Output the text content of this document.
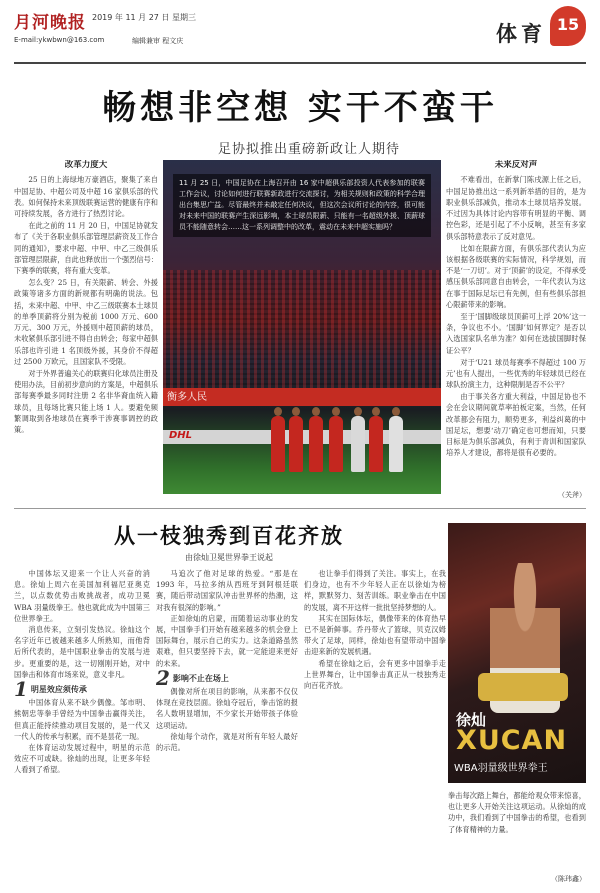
月河晚报 2019 年 11 月 27 日 星期三
E-mail:ykwbwn@163.com	编辑兼审 程文庆	体育 15
畅想非空想 实干不蛮干
足协拟推出重磅新政让人期待
改革力度大

25 日的上海绿地万豪酒店，聚集了来自中国足协、中超公司及中超 16 家俱乐部的代表。如何保持未来顶级联赛运营的健康有序和可持续发展，各方进行了热烈讨论。

在此之前的 11 月 20 日，中国足协就发布了《关于各职业俱乐部管理层薪资及工作合同的通知》，要求中超、中甲、中乙三级俱乐部管理层限薪，自此也释放出一个强烈信号：下赛季的联赛，将有重大变革。

怎么变？25 日，有关限薪、转会、外援政策等诸多方面的新规都有明确的说法。包括，未来中超、中甲、中乙三级联赛本土球员的单季顶薪将分别为税前 1000 万元、600 万元、300 万元，外援则中超顶薪的球员，未收紧俱乐部引进不得自由转会；每家中超俱乐部也许引进 1 名顶级外援，其身价不得超过 2500 万欧元，且国家队不受限。

对于外界普遍关心的联赛归化球员注册及使用办法，目前初步意向的方案是，中超俱乐部每赛季最多同时注册 2 名非华裔血统入籍球员，且每场比赛只能上场 1 人。要避免频繁调取到各地球员在赛季干涉赛事调控的政策。

衡多人民
DHL
11 月 25 日，中国足协在上海召开由 16 家中超俱乐部投资人代表参加的联赛工作会议，讨论如何进行联赛新政进行交流探讨，为相关规则和政策的科学合理出台集思广益。尽管最终并未敲定任何决议，但这次会议所讨论的内容，很可能对未来中国的联赛产生深远影响，本土球员限薪、只能有一名超级外援、顶薪球员不能随意转会……这一系列调整中的改革，震动在未来中超实施吗？
未来反对声

不难看出，在新掌门陈戌源上任之后，中国足协推出这一系列新举措的目的，是为职业俱乐部减负，推动本土球员培养发展。不过因为具体讨论内容带有明显的平衡、调控色彩，还是引起了不小反响，甚至有多家俱乐部特意表示了反对意见。

比如在限薪方面，有俱乐部代表认为应该根据各级联赛的实际情况，科学规划，而不是‘一刀切’。对于‘顶薪’的设定，不得承受感压俱乐部同意自由转会，一年代表认为这在事于国际足坛已有先例，但有些俱乐部担心限薪带来的影响。

至于‘国脚级球员顶薪可上浮 20%’这一条，争议也不小。‘国脚’如何界定？是否以入选国家队名单为准？如何在选拔国脚时保证公平？

对于‘U21 球员每赛季不得超过 100 万元’也有人提出，一些优秀的年轻球员已经在球队扮演主力，这种限制是否不公平？

由于事关各方重大利益，中国足协也不会在会议期间就草率拍板定案，当然，任何改革都会有阻力，顺势更多，利益纠葛的中国足坛，想要‘动刀’确定也可想而知，只要目标是为俱乐部减负，有利于青训和国家队培养人才建设，都将是很有必要的。

（关斧）
从一枝独秀到百花齐放
由徐灿卫冕世界拳王说起

中国体坛又迎来一个让人兴奋的消息。徐灿上周六在美国加利福尼亚奥克兰，以点数优势击败挑战者，成功卫冕 WBA 羽量级拳王。他也就此成为中国第三位世界拳王。

消息传来，立刻引发热议。徐灿这个名字近年已被越来越多人所熟知，而他背后所代表的，是中国职业拳击的发展与进步。更重要的是，这一切刚刚开始，对中国拳击和体育市场来说，意义非凡。

1 明星效应须传承

中国体育从来不缺少偶像。邹市明、熊朝忠等拳手曾经为中国拳击赢得关注，但真正能持续推动项目发展的，是一代又一代人的传承与积累，而不是昙花一现。

在体育运动发展过程中，明星的示范效应不可或缺。徐灿的出现，让更多年轻人看到了希望。

马追次了他对足球的热爱。“那是在 1993 年，马拉多纳从西班牙到阿根廷联赛，随后带动国家队冲击世界杯的热潮，这对我有很深的影响。”

正如徐灿的启蒙，而随着运动事业的发展，中国拳手们开始有越来越多的机会登上国际舞台，展示自己的实力。这条道路虽然艰难，但只要坚持下去，就一定能迎来更好的未来。

2 影响不止在场上

偶像对所在项目的影响，从来都不仅仅体现在竞技层面。徐灿夺冠后，拳击馆的报名人数明显增加，不少家长开始带孩子体验这项运动。

徐灿每个动作，就是对所有年轻人最好的示范。

也让拳手们得到了关注。事实上，在我们身边，也有不少年轻人正在以徐灿为榜样，默默努力、刻苦训练。职业拳击在中国的发展，离不开这样一批批坚持梦想的人。

其实在国际体坛，偶像带来的体育热早已不是新鲜事。乔丹带火了篮球，贝克汉姆带火了足球，同样，徐灿也有望带动中国拳击迎来新的发展机遇。

希望在徐灿之后，会有更多中国拳手走上世界舞台，让中国拳击真正从一枝独秀走向百花齐放。

徐灿
XUCAN
WBA羽量级世界拳王
拳击每次踏上舞台，都能给观众带来惊喜，也让更多人开始关注这项运动。从徐灿的成功中，我们看到了中国拳击的希望，也看到了体育精神的力量。
（陈玮鑫）
